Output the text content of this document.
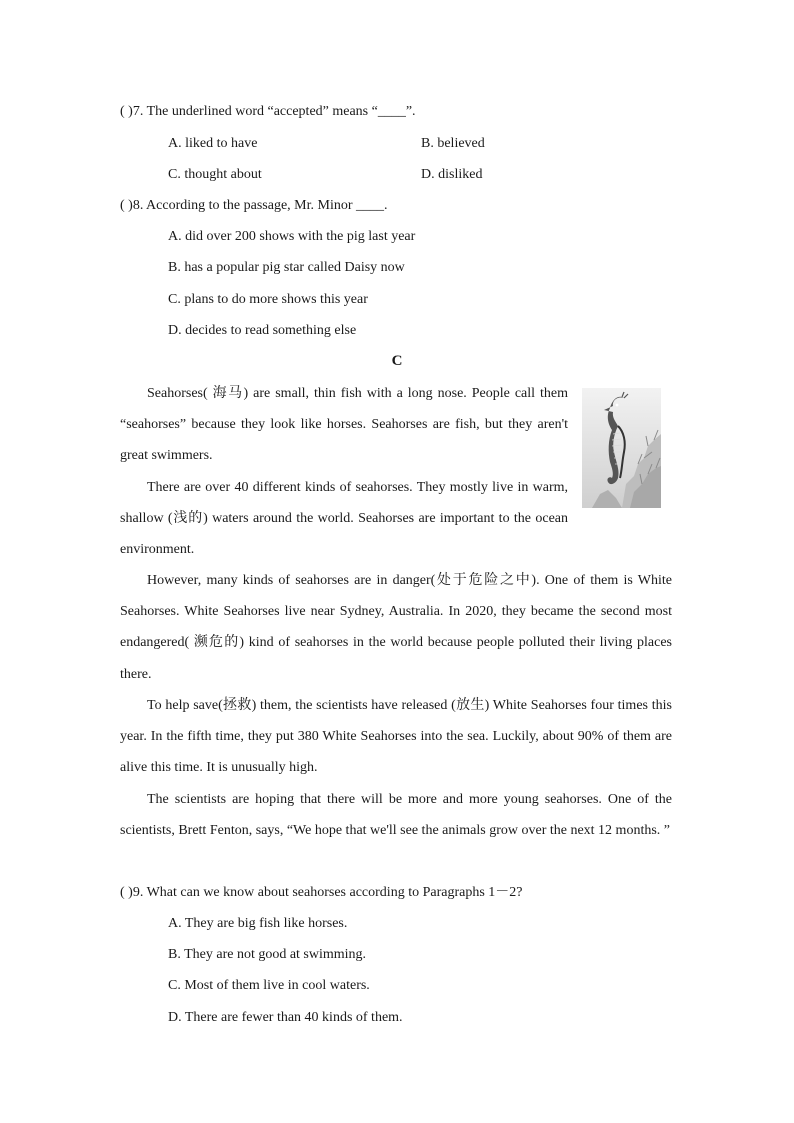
( )7. The underlined word “accepted” means “____”.
A. liked to have	B. believed
C. thought about	D. disliked
( )8. According to the passage, Mr. Minor ____.
A. did over 200 shows with the pig last year
B. has a popular pig star called Daisy now
C. plans to do more shows this year
D. decides to read something else
C

Seahorses( 海马) are small, thin fish with a long nose. People call them “seahorses” because they look like horses. Seahorses are fish, but they aren't great swimmers.

There are over 40 different kinds of seahorses. They mostly live in warm, shallow (浅的) waters around the world. Seahorses are important to the ocean environment.

However, many kinds of seahorses are in danger(处于危险之中). One of them is White Seahorses. White Seahorses live near Sydney, Australia. In 2020, they became the second most endangered( 濒危的) kind of seahorses in the world because people polluted their living places there.

To help save(拯救) them, the scientists have released (放生) White Seahorses four times this year. In the fifth time, they put 380 White Seahorses into the sea. Luckily, about 90% of them are alive this time. It is unusually high.

The scientists are hoping that there will be more and more young seahorses. One of the scientists, Brett Fenton, says, “We hope that we'll see the animals grow over the next 12 months. ”

( )9. What can we know about seahorses according to Paragraphs 1－2?
A. They are big fish like horses.
B. They are not good at swimming.
C. Most of them live in cool waters.
D. There are fewer than 40 kinds of them.
